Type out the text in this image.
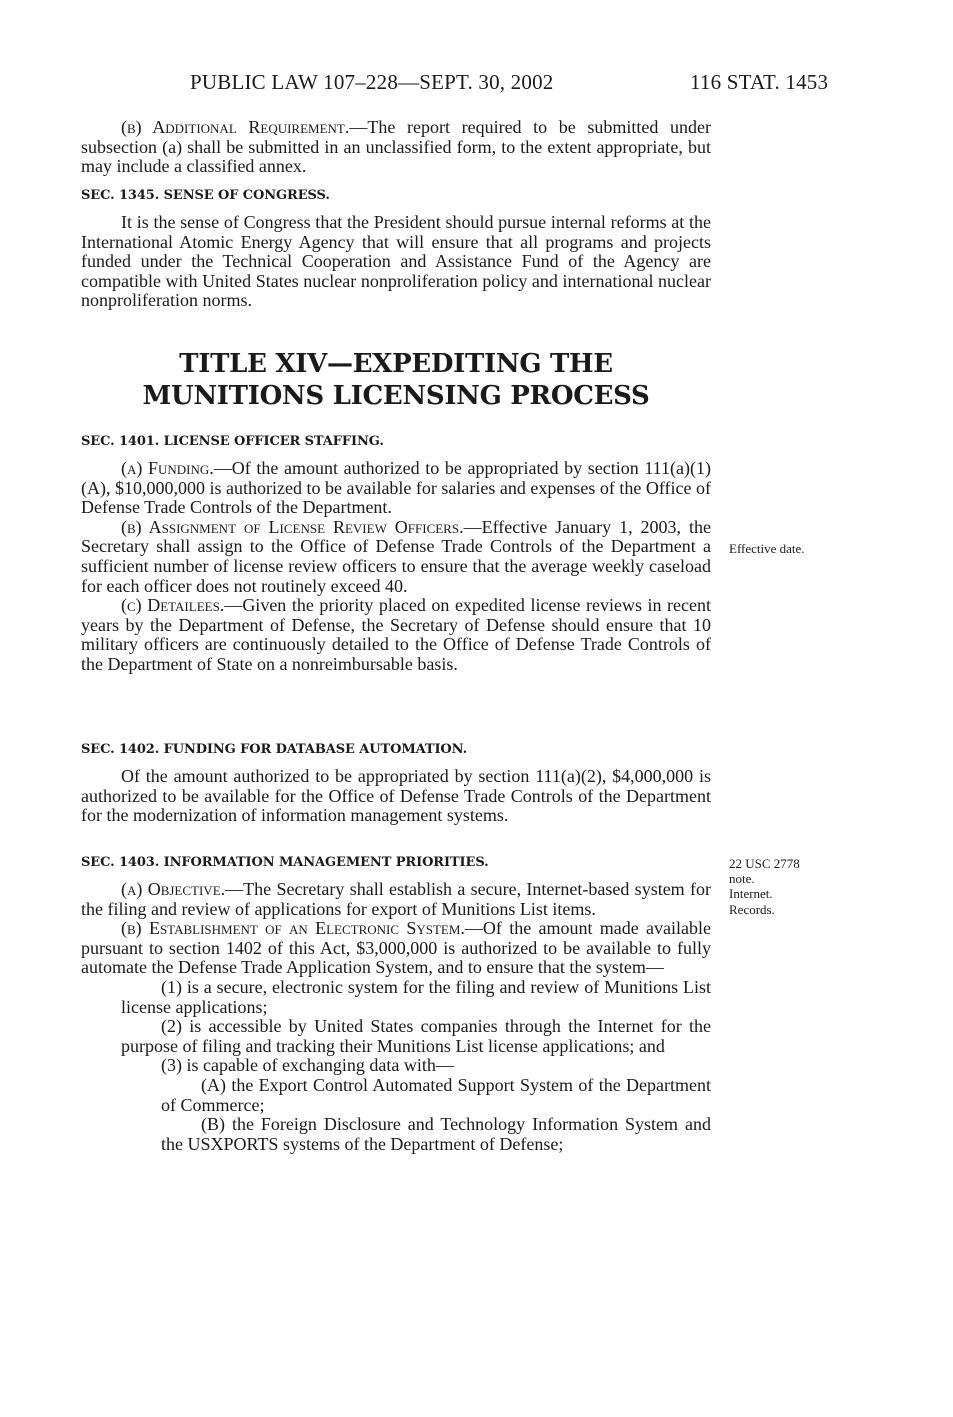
PUBLIC LAW 107–228—SEPT. 30, 2002	116 STAT. 1453

(b) Additional Requirement.—The report required to be submitted under subsection (a) shall be submitted in an unclassified form, to the extent appropriate, but may include a classified annex.

SEC. 1345. SENSE OF CONGRESS.

It is the sense of Congress that the President should pursue internal reforms at the International Atomic Energy Agency that will ensure that all programs and projects funded under the Technical Cooperation and Assistance Fund of the Agency are compatible with United States nuclear nonproliferation policy and international nuclear nonproliferation norms.

TITLE XIV—EXPEDITING THE
MUNITIONS LICENSING PROCESS

SEC. 1401. LICENSE OFFICER STAFFING.

(a) Funding.—Of the amount authorized to be appropriated by section 111(a)(1)(A), $10,000,000 is authorized to be available for salaries and expenses of the Office of Defense Trade Controls of the Department.

(b) Assignment of License Review Officers.—Effective January 1, 2003, the Secretary shall assign to the Office of Defense Trade Controls of the Department a sufficient number of license review officers to ensure that the average weekly caseload for each officer does not routinely exceed 40.

(c) Detailees.—Given the priority placed on expedited license reviews in recent years by the Department of Defense, the Secretary of Defense should ensure that 10 military officers are continuously detailed to the Office of Defense Trade Controls of the Department of State on a nonreimbursable basis.

SEC. 1402. FUNDING FOR DATABASE AUTOMATION.

Of the amount authorized to be appropriated by section 111(a)(2), $4,000,000 is authorized to be available for the Office of Defense Trade Controls of the Department for the modernization of information management systems.

SEC. 1403. INFORMATION MANAGEMENT PRIORITIES.

(a) Objective.—The Secretary shall establish a secure, Internet-based system for the filing and review of applications for export of Munitions List items.

(b) Establishment of an Electronic System.—Of the amount made available pursuant to section 1402 of this Act, $3,000,000 is authorized to be available to fully automate the Defense Trade Application System, and to ensure that the system—

(1) is a secure, electronic system for the filing and review of Munitions List license applications;

(2) is accessible by United States companies through the Internet for the purpose of filing and tracking their Munitions List license applications; and

(3) is capable of exchanging data with—

(A) the Export Control Automated Support System of the Department of Commerce;

(B) the Foreign Disclosure and Technology Information System and the USXPORTS systems of the Department of Defense;

Effective date.
22 USC 2778
note.
Internet.
Records.
